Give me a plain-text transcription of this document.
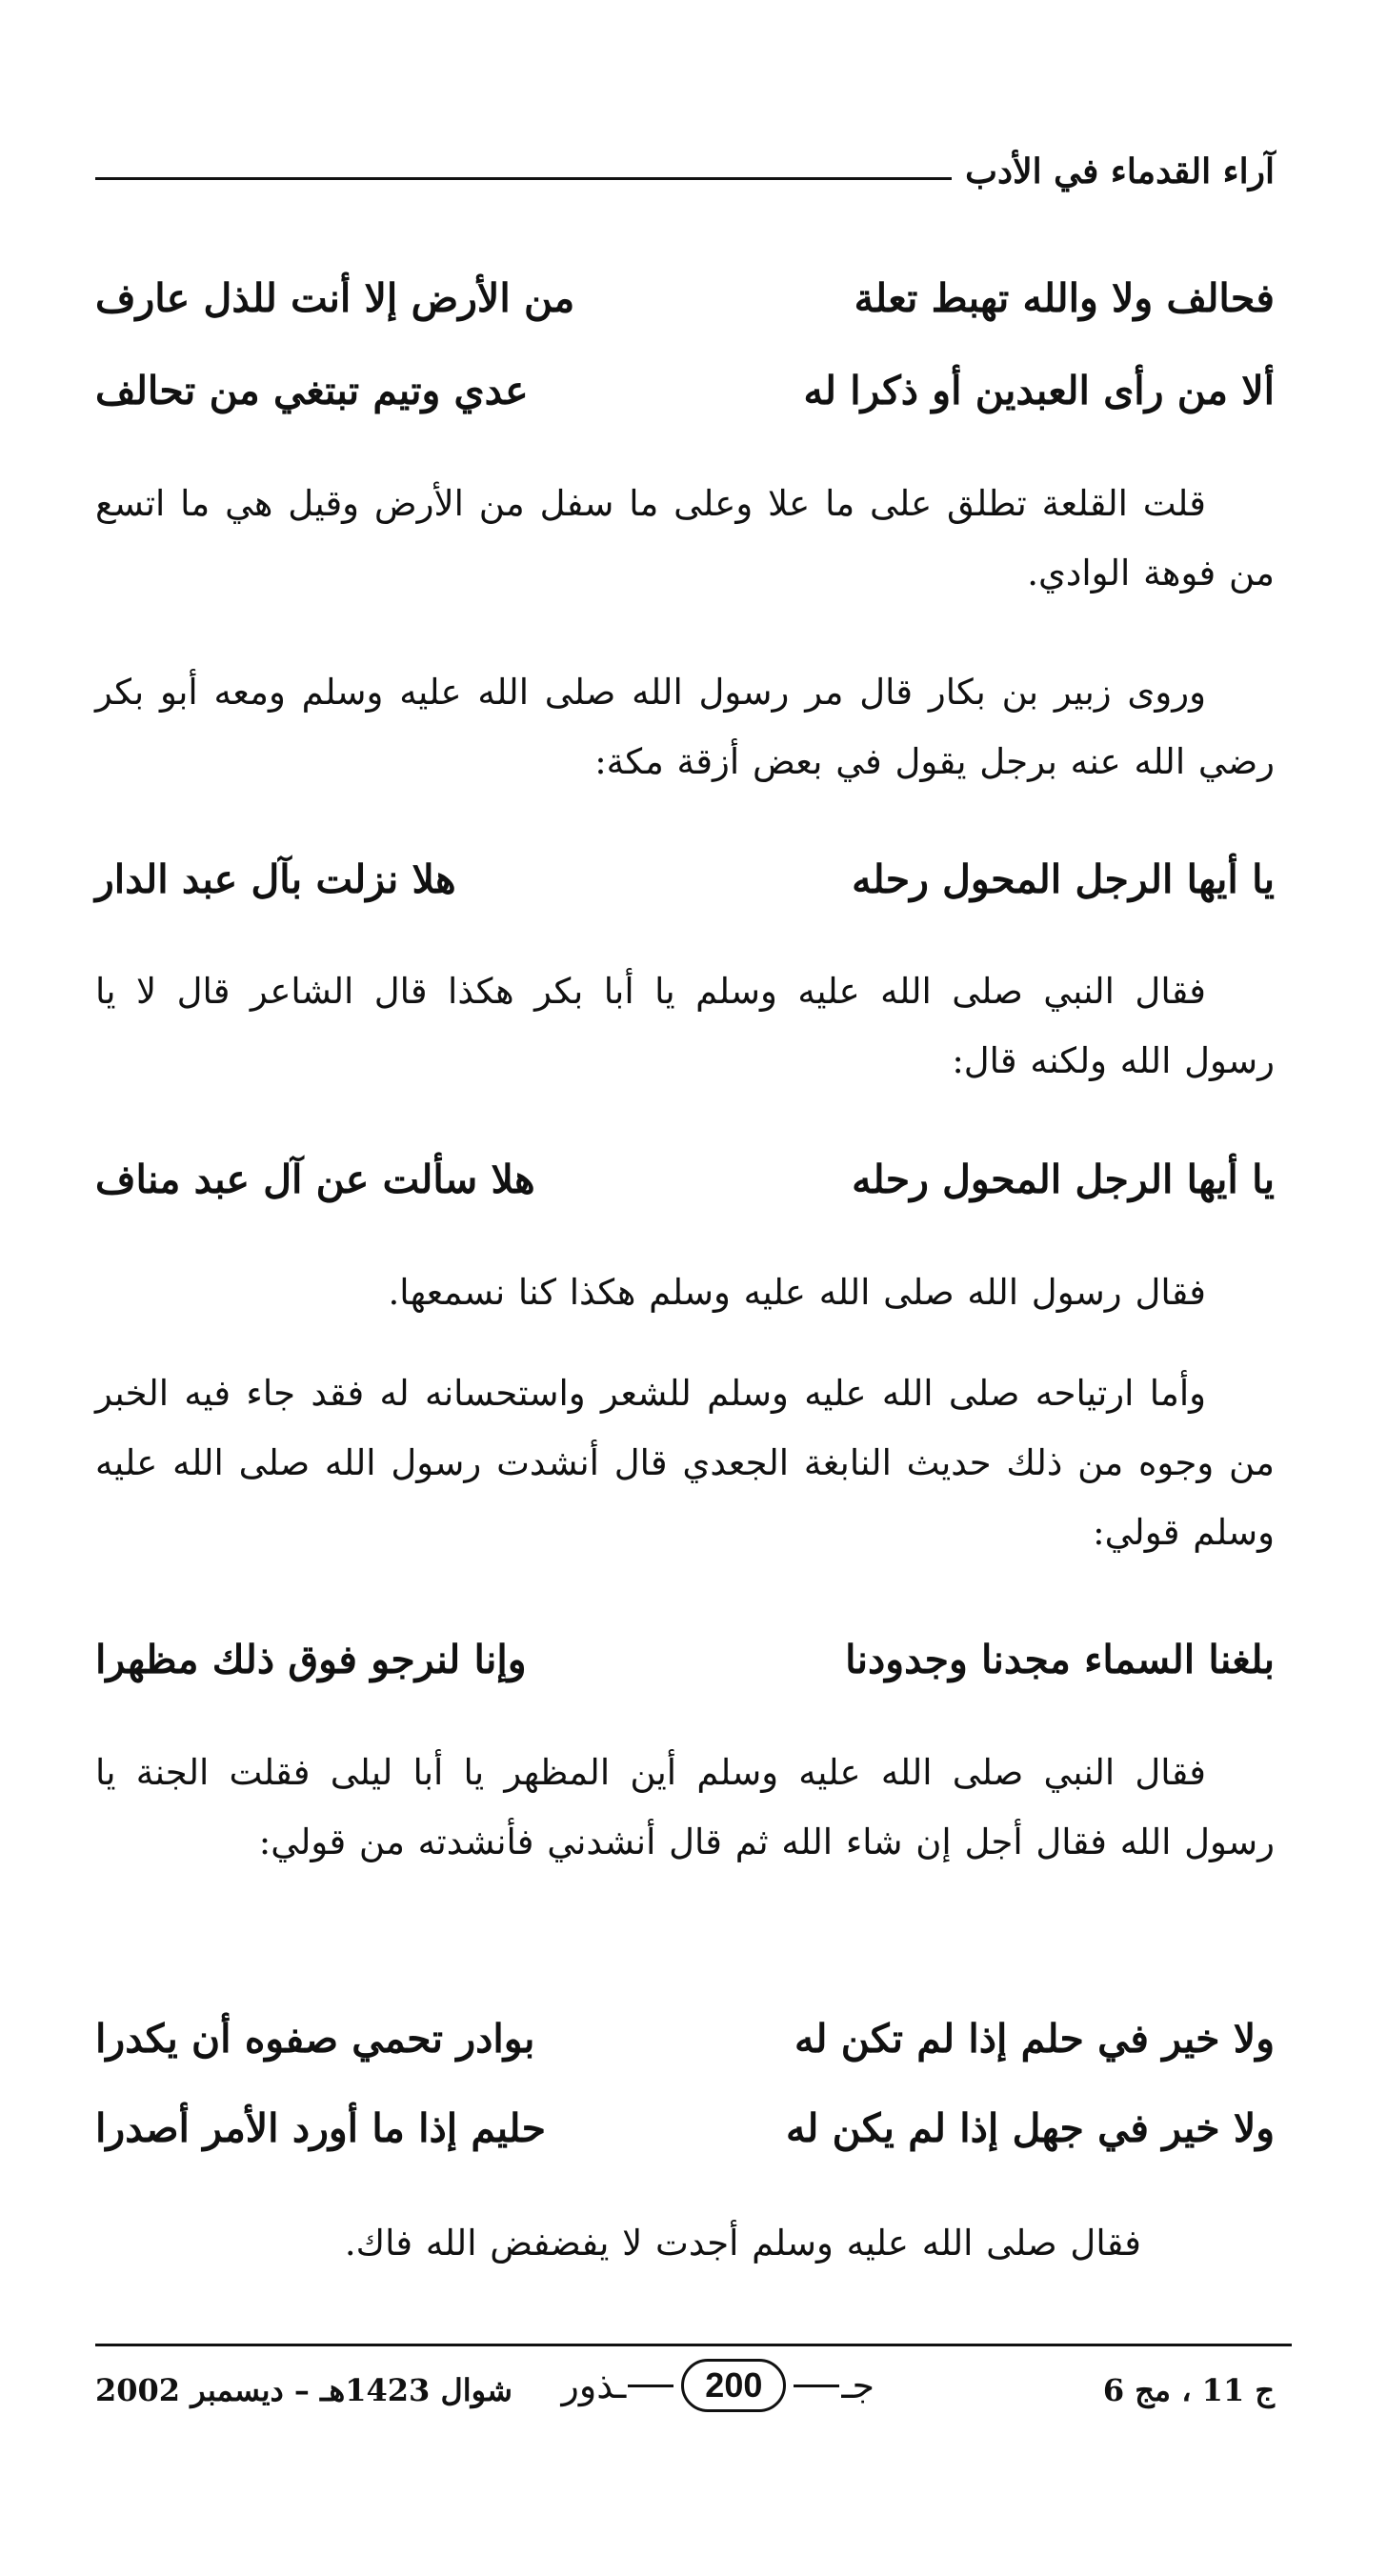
آراء القدماء في الأدب
فحالف ولا والله تهبط تعلة
من الأرض إلا أنت للذل عارف
ألا من رأى العبدين أو ذكرا له
عدي وتيم تبتغي من تحالف
قلت القلعة تطلق على ما علا وعلى ما سفل من الأرض وقيل هي ما اتسع من فوهة الوادي.
وروى زبير بن بكار قال مر رسول الله صلى الله عليه وسلم ومعه أبو بكر رضي الله عنه برجل يقول في بعض أزقة مكة:
يا أيها الرجل المحول رحله
هلا نزلت بآل عبد الدار
فقال النبي صلى الله عليه وسلم يا أبا بكر هكذا قال الشاعر قال لا يا رسول الله ولكنه قال:
يا أيها الرجل المحول رحله
هلا سألت عن آل عبد مناف
فقال رسول الله صلى الله عليه وسلم هكذا كنا نسمعها.
وأما ارتياحه صلى الله عليه وسلم للشعر واستحسانه له فقد جاء فيه الخبر من وجوه من ذلك حديث النابغة الجعدي قال أنشدت رسول الله صلى الله عليه وسلم قولي:
بلغنا السماء مجدنا وجدودنا
وإنا لنرجو فوق ذلك مظهرا
فقال النبي صلى الله عليه وسلم أين المظهر يا أبا ليلى فقلت الجنة يا رسول الله فقال أجل إن شاء الله ثم قال أنشدني فأنشدته من قولي:
ولا خير في حلم إذا لم تكن له
بوادر تحمي صفوه أن يكدرا
ولا خير في جهل إذا لم يكن له
حليم إذا ما أورد الأمر أصدرا
فقال صلى الله عليه وسلم أجدت لا يفضفض الله فاك.
ج 11 ، مج 6
جـ
200
ـذور
شوال 1423هـ – ديسمبر 2002
